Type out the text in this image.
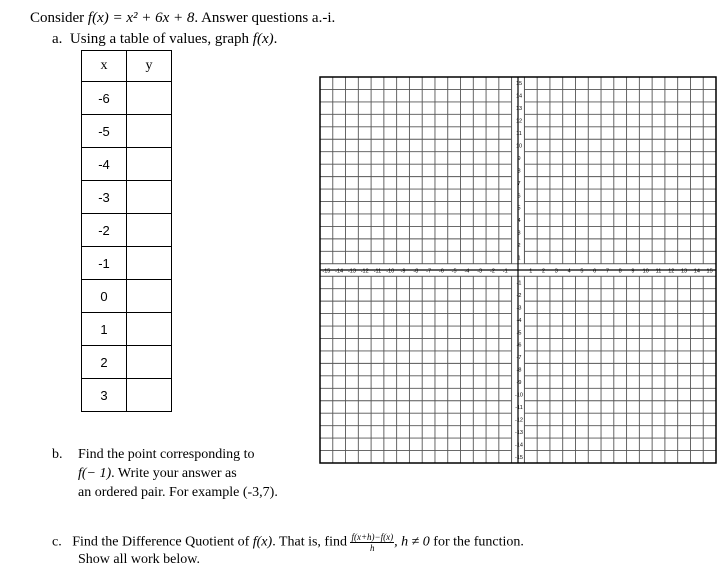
Consider f(x) = x² + 6x + 8. Answer questions a.-i.
a. Using a table of values, graph f(x).
x	y
-6	
-5	
-4	
-3	
-2	
-1	
0	
1	
2	
3	
-15 -14 -13 -12 -11 -10 -9 -8 -7 -6 -5 -4 -3 -2 -1	1 2 3 4 5 6 7 8 9 10 11 12 13 14 15
15
14
13
12
11
10
9
8
7
6
5
4
3
2
1
-1
-2
-3
-4
-5
-6
-7
-8
-9
-10
-11
-12
-13
-14
-15
b. Find the point corresponding to
f(− 1). Write your answer as
an ordered pair. For example (-3,7).
c. Find the Difference Quotient of f(x). That is, find $\frac{f(x+h)-f(x)}{h}$ , h ≠ 0 for the function.
Show all work below.
